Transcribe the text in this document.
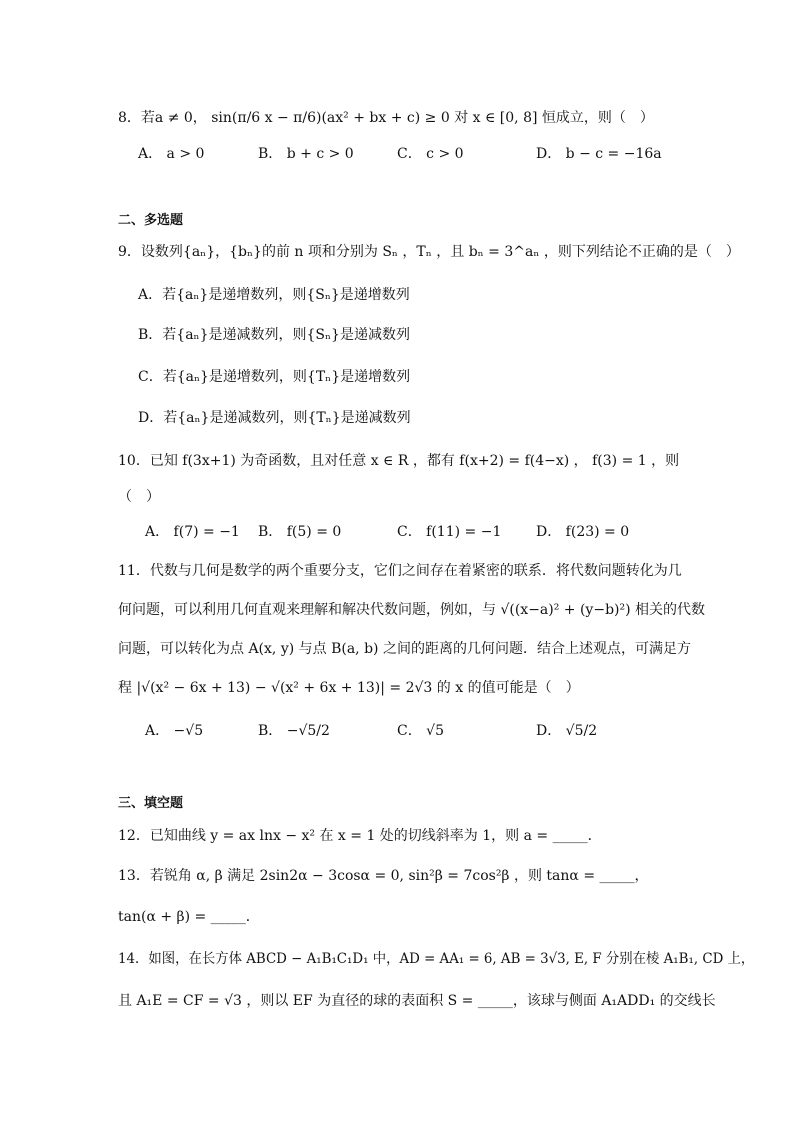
8．若a ≠ 0， sin(π/6 x − π/6)(ax² + bx + c) ≥ 0 对 x ∈ [0, 8] 恒成立，则（　）
A． a > 0	B． b + c > 0	C． c > 0	D． b − c = −16a
二、多选题
9．设数列{aₙ}，{bₙ}的前 n 项和分别为 Sₙ ，Tₙ ，且 bₙ = 3^aₙ ，则下列结论不正确的是（　）
A．若{aₙ}是递增数列，则{Sₙ}是递增数列
B．若{aₙ}是递减数列，则{Sₙ}是递减数列
C．若{aₙ}是递增数列，则{Tₙ}是递增数列
D．若{aₙ}是递减数列，则{Tₙ}是递减数列
10．已知 f(3x+1) 为奇函数，且对任意 x ∈ R ，都有 f(x+2) = f(4−x) ， f(3) = 1 ，则
（　）
A． f(7) = −1 B． f(5) = 0	C． f(11) = −1 D． f(23) = 0
11．代数与几何是数学的两个重要分支，它们之间存在着紧密的联系．将代数问题转化为几
何问题，可以利用几何直观来理解和解决代数问题，例如，与 √((x−a)² + (y−b)²) 相关的代数
问题，可以转化为点 A(x, y) 与点 B(a, b) 之间的距离的几何问题．结合上述观点，可满足方
程 |√(x² − 6x + 13) − √(x² + 6x + 13)| = 2√3 的 x 的值可能是（　）
A． −√5	B． −√5/2	C． √5	D． √5/2
三、填空题
12．已知曲线 y = ax lnx − x² 在 x = 1 处的切线斜率为 1，则 a = _____．
13．若锐角 α, β 满足 2sin2α − 3cosα = 0, sin²β = 7cos²β ，则 tanα = _____，
tan(α + β) = _____．
14．如图，在长方体 ABCD − A₁B₁C₁D₁ 中，AD = AA₁ = 6, AB = 3√3, E, F 分别在棱 A₁B₁, CD 上，
且 A₁E = CF = √3 ，则以 EF 为直径的球的表面积 S = _____，该球与侧面 A₁ADD₁ 的交线长
